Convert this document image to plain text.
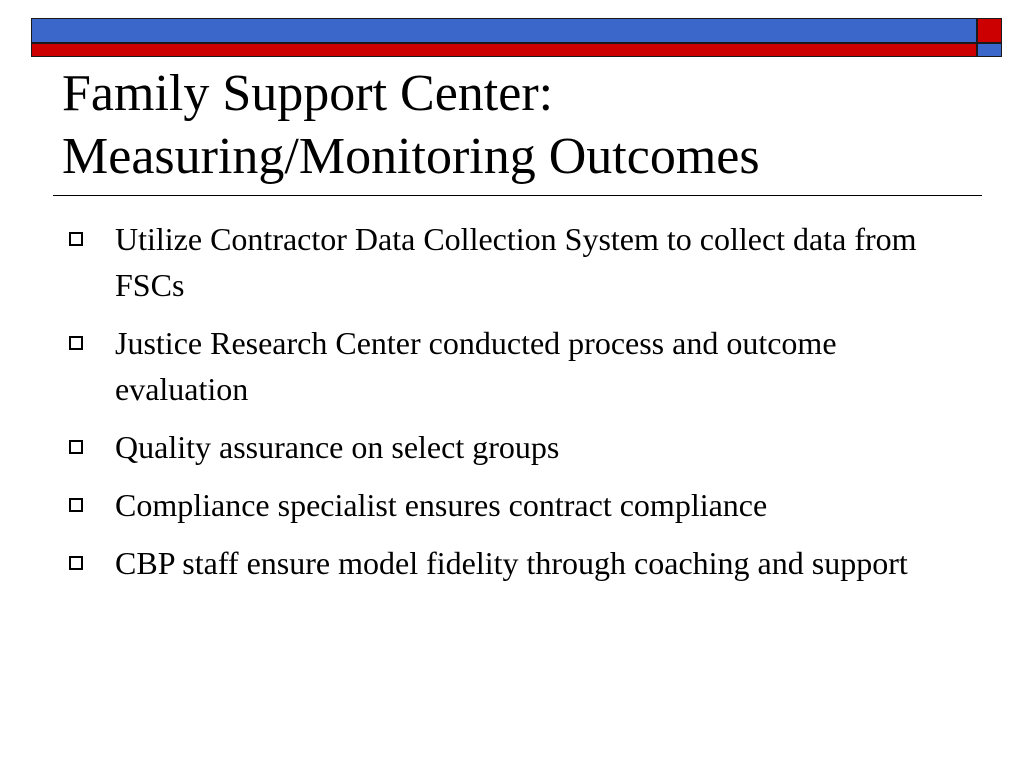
Family Support Center:
Measuring/Monitoring Outcomes
Utilize Contractor Data Collection System to collect data from FSCs
Justice Research Center conducted process and outcome evaluation
Quality assurance on select groups
Compliance specialist ensures contract compliance
CBP staff ensure model fidelity through coaching and support
